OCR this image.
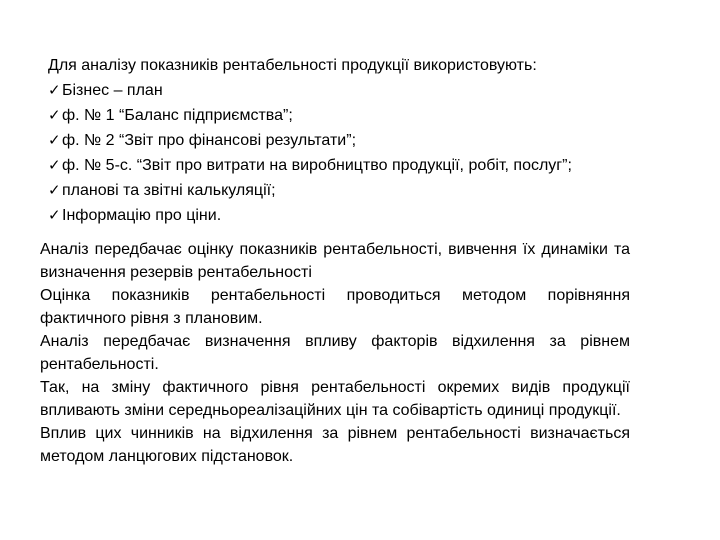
Для аналізу показників рентабельності продукції використовують:

✓ Бізнес – план
✓ ф. № 1 “Баланс підприємства”;
✓ ф. № 2 “Звіт про фінансові результати”;
✓ ф. № 5-с. “Звіт про витрати на виробництво продукції, робіт, послуг”;
✓ планові та звітні калькуляції;
✓ Інформацію про ціни.

Аналіз передбачає оцінку показників рентабельності, вивчення їх динаміки та визначення резервів рентабельності

Оцінка показників рентабельності проводиться методом порівняння фактичного рівня з плановим.

Аналіз передбачає визначення впливу факторів відхилення за рівнем рентабельності.

Так, на зміну фактичного рівня рентабельності окремих видів продукції впливають зміни середньореалізаційних цін та собівартість одиниці продукції.

Вплив цих чинників на відхилення за рівнем рентабельності визначається методом ланцюгових підстановок.
